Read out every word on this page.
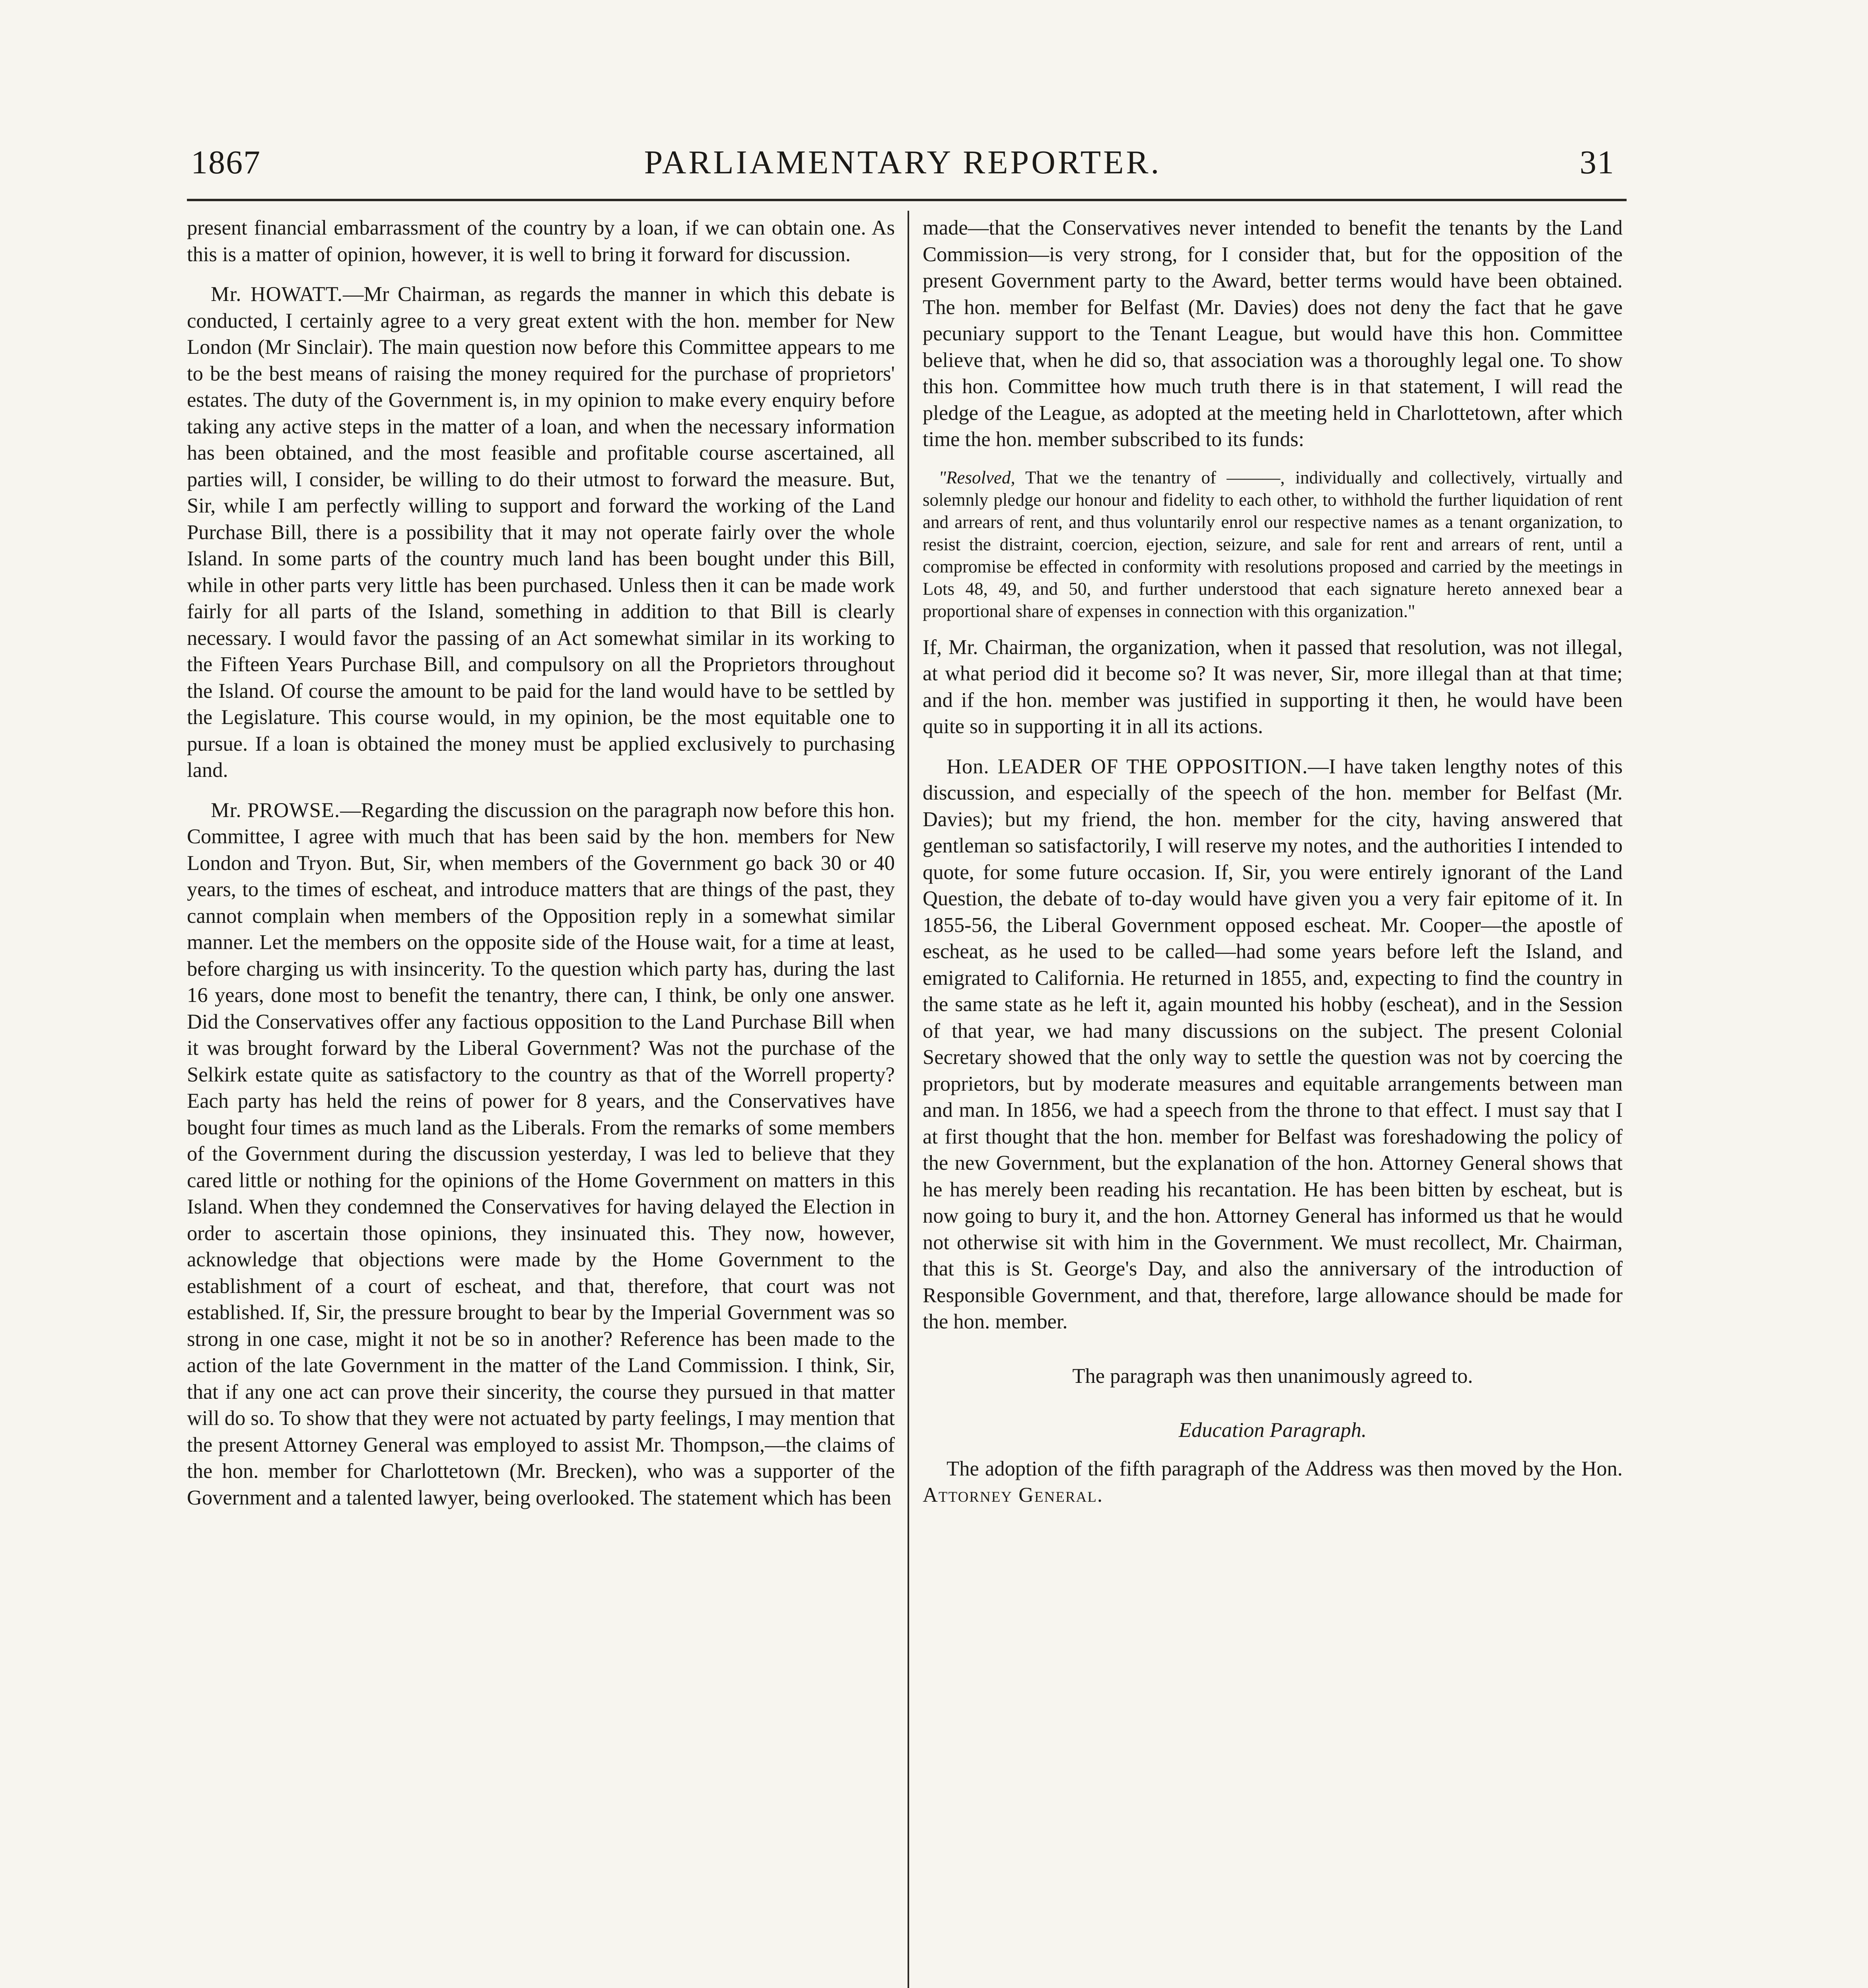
1867	PARLIAMENTARY REPORTER.	31

present financial embarrassment of the country by a loan, if we can obtain one. As this is a matter of opinion, however, it is well to bring it forward for discussion.

Mr. HOWATT.—Mr Chairman, as regards the manner in which this debate is conducted, I certainly agree to a very great extent with the hon. member for New London (Mr Sinclair). The main question now before this Committee appears to me to be the best means of raising the money required for the purchase of proprietors' estates. The duty of the Government is, in my opinion to make every enquiry before taking any active steps in the matter of a loan, and when the necessary information has been obtained, and the most feasible and profitable course ascertained, all parties will, I consider, be willing to do their utmost to forward the measure. But, Sir, while I am perfectly willing to support and forward the working of the Land Purchase Bill, there is a possibility that it may not operate fairly over the whole Island. In some parts of the country much land has been bought under this Bill, while in other parts very little has been purchased. Unless then it can be made work fairly for all parts of the Island, something in addition to that Bill is clearly necessary. I would favor the passing of an Act somewhat similar in its working to the Fifteen Years Purchase Bill, and compulsory on all the Proprietors throughout the Island. Of course the amount to be paid for the land would have to be settled by the Legislature. This course would, in my opinion, be the most equitable one to pursue. If a loan is obtained the money must be applied exclusively to purchasing land.

Mr. PROWSE.—Regarding the discussion on the paragraph now before this hon. Committee, I agree with much that has been said by the hon. members for New London and Tryon. But, Sir, when members of the Government go back 30 or 40 years, to the times of escheat, and introduce matters that are things of the past, they cannot complain when members of the Opposition reply in a somewhat similar manner. Let the members on the opposite side of the House wait, for a time at least, before charging us with insincerity. To the question which party has, during the last 16 years, done most to benefit the tenantry, there can, I think, be only one answer. Did the Conservatives offer any factious opposition to the Land Purchase Bill when it was brought forward by the Liberal Government? Was not the purchase of the Selkirk estate quite as satisfactory to the country as that of the Worrell property? Each party has held the reins of power for 8 years, and the Conservatives have bought four times as much land as the Liberals. From the remarks of some members of the Government during the discussion yesterday, I was led to believe that they cared little or nothing for the opinions of the Home Government on matters in this Island. When they condemned the Conservatives for having delayed the Election in order to ascertain those opinions, they insinuated this. They now, however, acknowledge that objections were made by the Home Government to the establishment of a court of escheat, and that, therefore, that court was not established. If, Sir, the pressure brought to bear by the Imperial Government was so strong in one case, might it not be so in another? Reference has been made to the action of the late Government in the matter of the Land Commission. I think, Sir, that if any one act can prove their sincerity, the course they pursued in that matter will do so. To show that they were not actuated by party feelings, I may mention that the present Attorney General was employed to assist Mr. Thompson,—the claims of the hon. member for Charlottetown (Mr. Brecken), who was a supporter of the Government and a talented lawyer, being overlooked. The statement which has been

made—that the Conservatives never intended to benefit the tenants by the Land Commission—is very strong, for I consider that, but for the opposition of the present Government party to the Award, better terms would have been obtained. The hon. member for Belfast (Mr. Davies) does not deny the fact that he gave pecuniary support to the Tenant League, but would have this hon. Committee believe that, when he did so, that association was a thoroughly legal one. To show this hon. Committee how much truth there is in that statement, I will read the pledge of the League, as adopted at the meeting held in Charlottetown, after which time the hon. member subscribed to its funds:

"Resolved, That we the tenantry of ———, individually and collectively, virtually and solemnly pledge our honour and fidelity to each other, to withhold the further liquidation of rent and arrears of rent, and thus voluntarily enrol our respective names as a tenant organization, to resist the distraint, coercion, ejection, seizure, and sale for rent and arrears of rent, until a compromise be effected in conformity with resolutions proposed and carried by the meetings in Lots 48, 49, and 50, and further understood that each signature hereto annexed bear a proportional share of expenses in connection with this organization."

If, Mr. Chairman, the organization, when it passed that resolution, was not illegal, at what period did it become so? It was never, Sir, more illegal than at that time; and if the hon. member was justified in supporting it then, he would have been quite so in supporting it in all its actions.

Hon. LEADER OF THE OPPOSITION.—I have taken lengthy notes of this discussion, and especially of the speech of the hon. member for Belfast (Mr. Davies); but my friend, the hon. member for the city, having answered that gentleman so satisfactorily, I will reserve my notes, and the authorities I intended to quote, for some future occasion. If, Sir, you were entirely ignorant of the Land Question, the debate of to-day would have given you a very fair epitome of it. In 1855-56, the Liberal Government opposed escheat. Mr. Cooper—the apostle of escheat, as he used to be called—had some years before left the Island, and emigrated to California. He returned in 1855, and, expecting to find the country in the same state as he left it, again mounted his hobby (escheat), and in the Session of that year, we had many discussions on the subject. The present Colonial Secretary showed that the only way to settle the question was not by coercing the proprietors, but by moderate measures and equitable arrangements between man and man. In 1856, we had a speech from the throne to that effect. I must say that I at first thought that the hon. member for Belfast was foreshadowing the policy of the new Government, but the explanation of the hon. Attorney General shows that he has merely been reading his recantation. He has been bitten by escheat, but is now going to bury it, and the hon. Attorney General has informed us that he would not otherwise sit with him in the Government. We must recollect, Mr. Chairman, that this is St. George's Day, and also the anniversary of the introduction of Responsible Government, and that, therefore, large allowance should be made for the hon. member.

The paragraph was then unanimously agreed to.

Education Paragraph.

The adoption of the fifth paragraph of the Address was then moved by the Hon. Attorney General.
